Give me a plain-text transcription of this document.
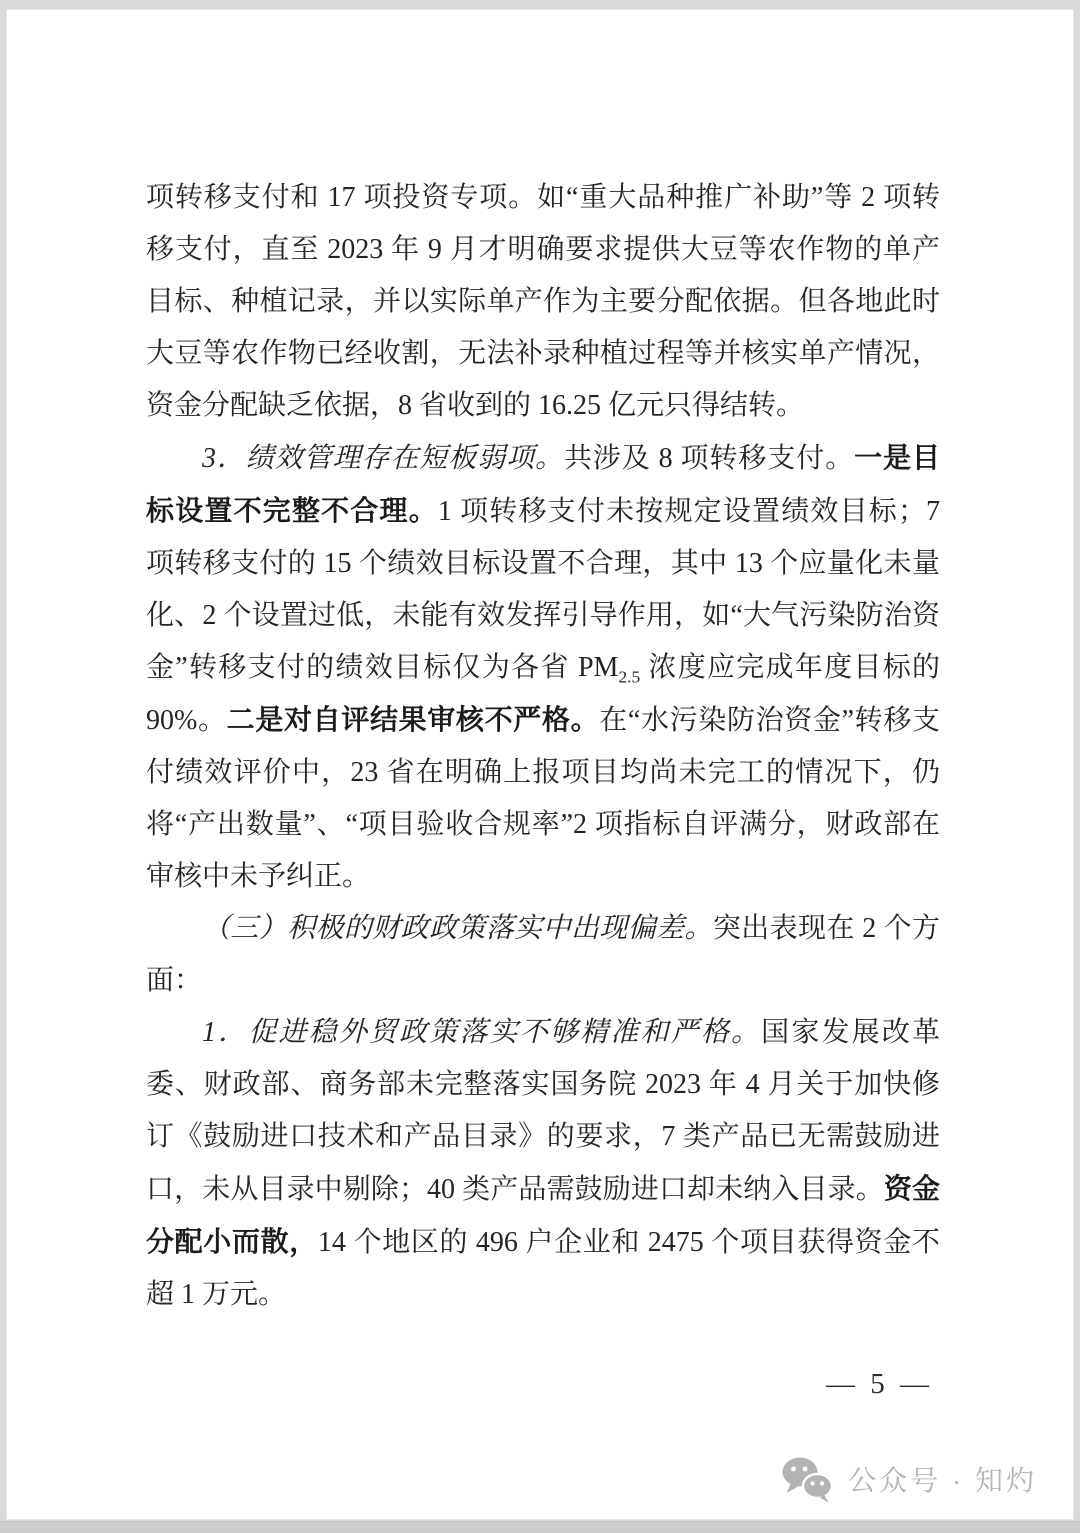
项转移支付和 17 项投资专项。如“重大品种推广补助”等 2 项转移支付，直至 2023 年 9 月才明确要求提供大豆等农作物的单产目标、种植记录，并以实际单产作为主要分配依据。但各地此时大豆等农作物已经收割，无法补录种植过程等并核实单产情况，资金分配缺乏依据，8 省收到的 16.25 亿元只得结转。

3．绩效管理存在短板弱项。共涉及 8 项转移支付。一是目标设置不完整不合理。1 项转移支付未按规定设置绩效目标；7 项转移支付的 15 个绩效目标设置不合理，其中 13 个应量化未量化、2 个设置过低，未能有效发挥引导作用，如“大气污染防治资金”转移支付的绩效目标仅为各省 $PM_{2.5}$ 浓度应完成年度目标的 90%。二是对自评结果审核不严格。在“水污染防治资金”转移支付绩效评价中，23 省在明确上报项目均尚未完工的情况下，仍将“产出数量”、“项目验收合规率”2 项指标自评满分，财政部在审核中未予纠正。

（三）积极的财政政策落实中出现偏差。突出表现在 2 个方面：

1．促进稳外贸政策落实不够精准和严格。国家发展改革委、财政部、商务部未完整落实国务院 2023 年 4 月关于加快修订《鼓励进口技术和产品目录》的要求，7 类产品已无需鼓励进口，未从目录中剔除；40 类产品需鼓励进口却未纳入目录。资金分配小而散，14 个地区的 496 户企业和 2475 个项目获得资金不超 1 万元。

— 5 —
公众号 · 知灼
